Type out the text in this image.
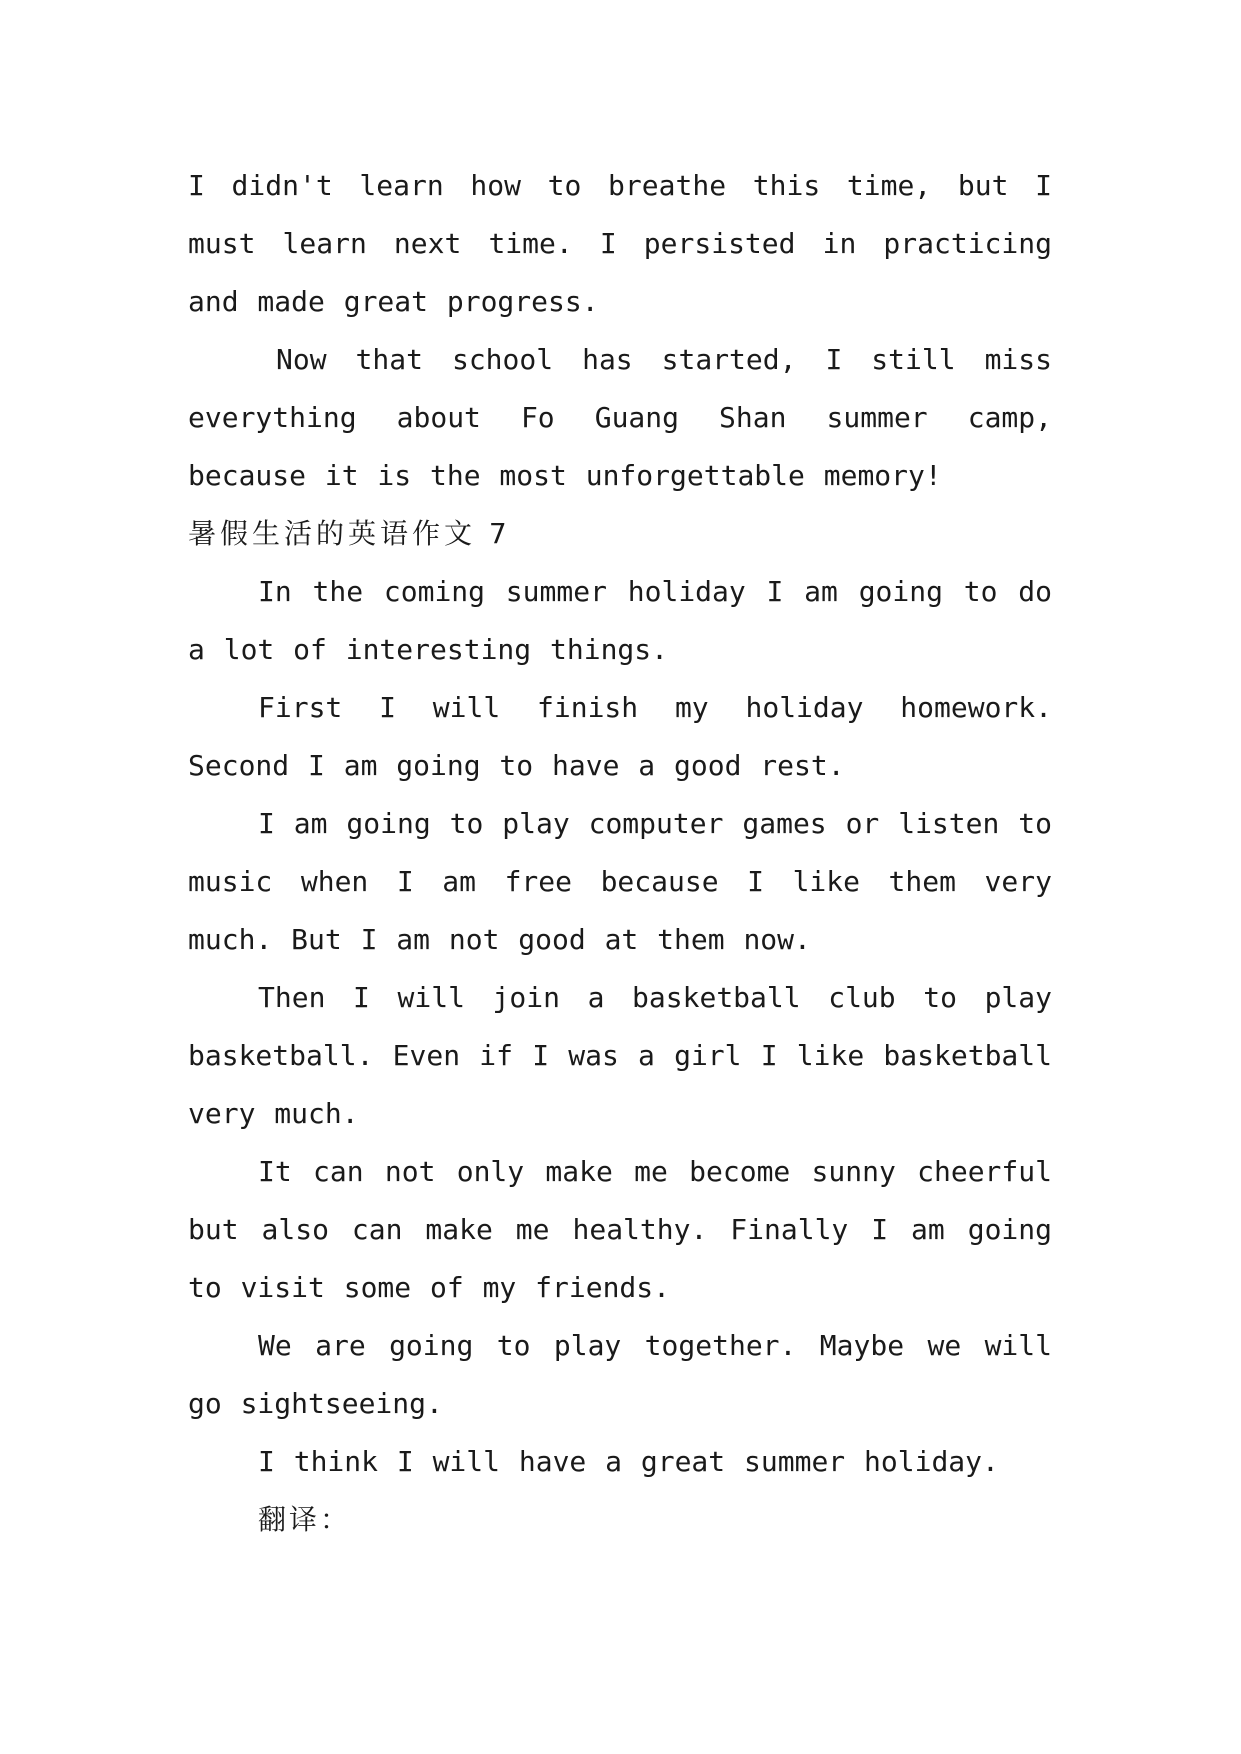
I didn't learn how to breathe this time, but I must learn next time. I persisted in practicing and made great progress.

Now that school has started, I still miss everything about Fo Guang Shan summer camp, because it is the most unforgettable memory!

暑假生活的英语作文 7

In the coming summer holiday I am going to do a lot of interesting things.

First I will finish my holiday homework. Second I am going to have a good rest.

I am going to play computer games or listen to music when I am free because I like them very much. But I am not good at them now.

Then I will join a basketball club to play basketball. Even if I was a girl I like basketball very much.

It can not only make me become sunny cheerful but also can make me healthy. Finally I am going to visit some of my friends.

We are going to play together. Maybe we will go sightseeing.

I think I will have a great summer holiday.

翻译：
